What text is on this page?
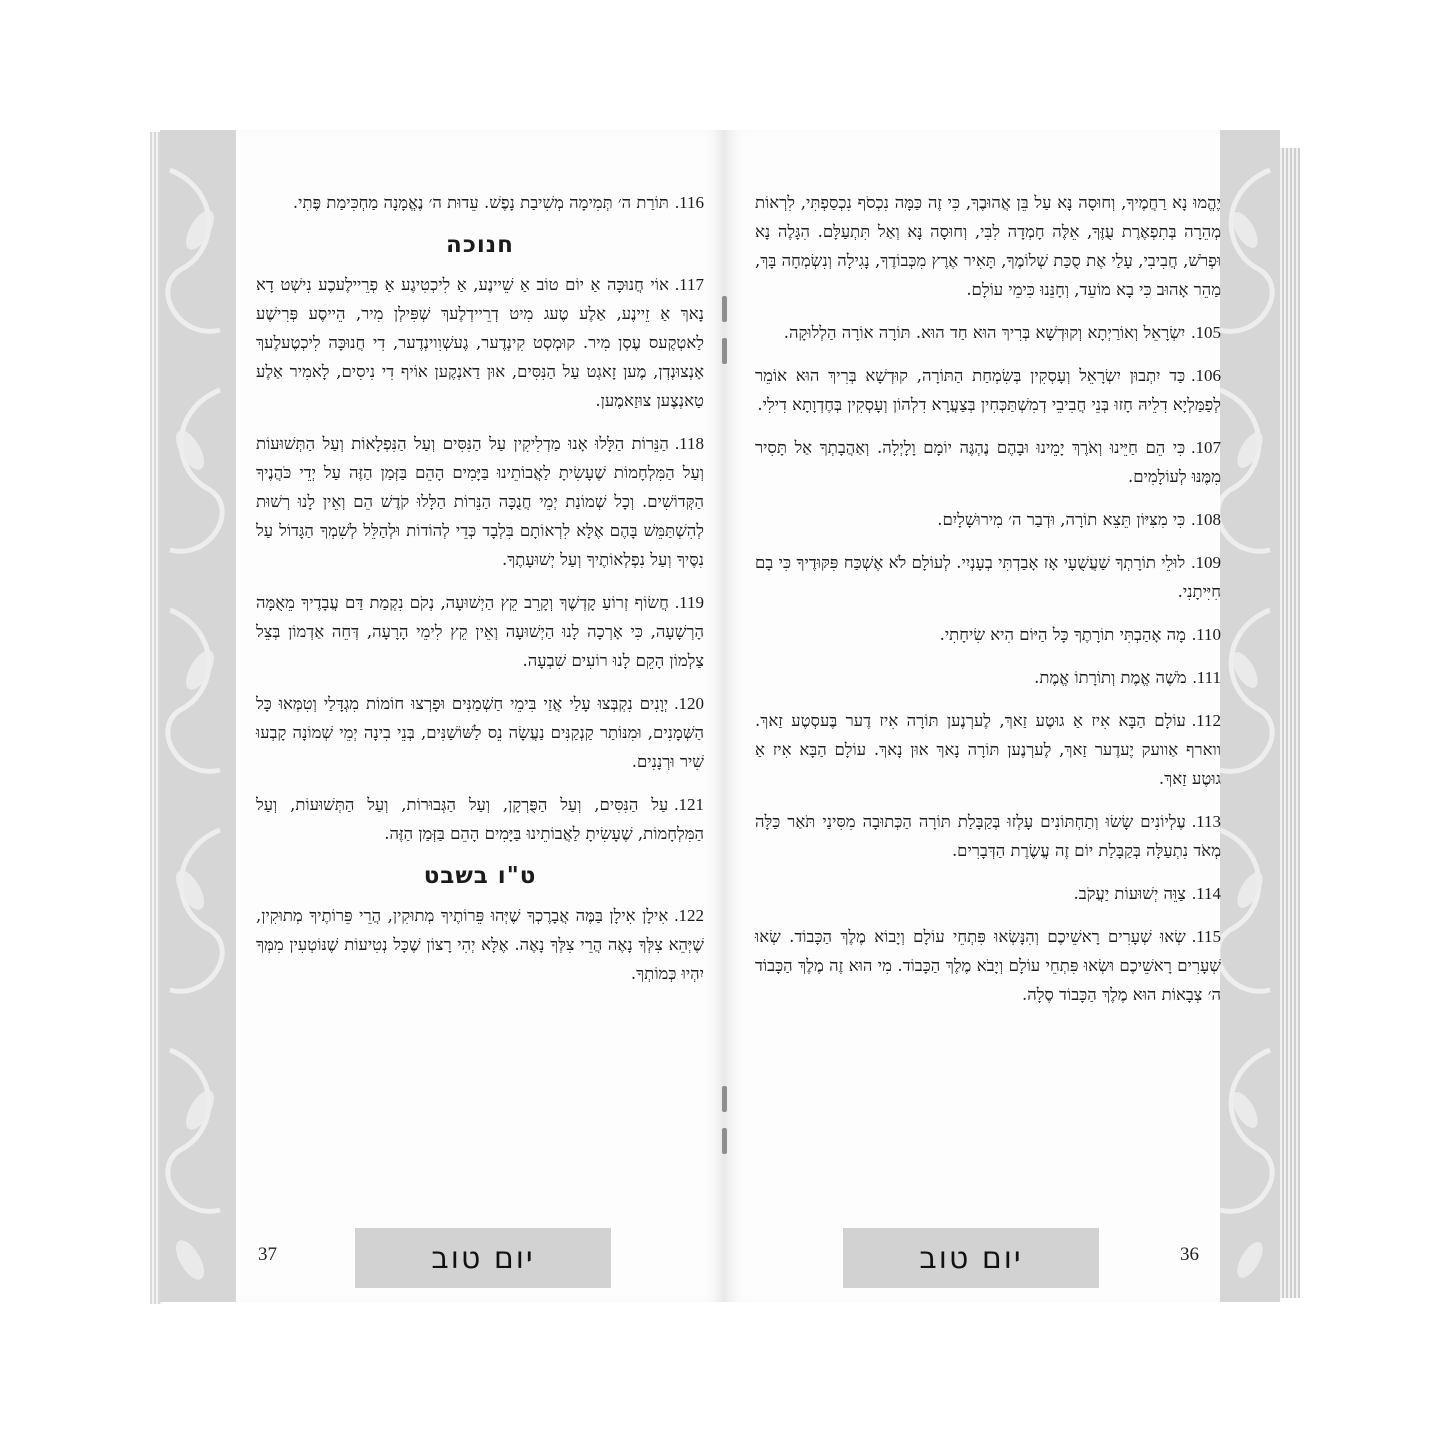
116.תּוֹרַת ה׳ תְּמִימָה מְשִׁיבַת נָפֶשׁ. עֵדוּת ה׳ נֶאֱמָנָה מַחְכִּימַת פֶּתִי.

חנוכה

117.אוֹי חֲנוּכָּה אַ יוֹם טוֹב אַ שֵׁיינֶע, אַ לִיכְטִיגֶע אַ פְרֵיילֶעכֶע נִישְׁט דָא נָאךְ אַ זֵיינֶע, אַלֶע טֶעג מִיט דְרֵיידְלֶעךְ שְׁפִּילְן מִיר, הֵייסֶע פְּרִישֶׁע לַאטְקֶעס עֶסְן מִיר. קוּמְסְט קִינְדֶער, גֶעשְׁוִוינְדֶער, דִי חֲנוּכָּה לִיכְטֶעלֶעךְ אָנְצוּנְדְן, מֶען זָאגְט עַל הַנִּסִּים, אוּן דַאנְקֶען אוֹיף דִי נִיסִים, לָאמִיר אַלֶע טַאנְצֶען צוּזַאמֶען.

118.הַנֵּרוֹת הַלָּלוּ אָנוּ מַדְלִיקִין עַל הַנִּסִּים וְעַל הַנִּפְלָאוֹת וְעַל הַתְּשׁוּעוֹת וְעַל הַמִּלְחָמוֹת שֶׁעָשִׂיתָ לַאֲבוֹתֵינוּ בַּיָּמִים הָהֵם בַּזְּמַן הַזֶּה עַל יְדֵי כֹּהֲנֶיךָ הַקְּדוֹשִׁים. וְכָל שְׁמוֹנַת יְמֵי חֲנֻכָּה הַנֵּרוֹת הַלָּלוּ קֹדֶשׁ הֵם וְאֵין לָנוּ רְשׁוּת לְהִשְׁתַּמֵּשׁ בָּהֶם אֶלָּא לִרְאוֹתָם בִּלְבָד כְּדֵי לְהוֹדוֹת וּלְהַלֵּל לְשִׁמְךָ הַגָּדוֹל עַל נִסֶּיךָ וְעַל נִפְלְאוֹתֶיךָ וְעַל יְשׁוּעָתֶךָ.

119.חֲשׂוֹף זְרוֹעַ קָדְשֶׁךָ וְקָרֵב קֵץ הַיְשׁוּעָה, נְקֹם נִקְמַת דַּם עֲבָדֶיךָ מֵאֻמָּה הָרְשָׁעָה, כִּי אָרְכָה לָנוּ הַיְשׁוּעָה וְאֵין קֵץ לִימֵי הָרָעָה, דְּחֵה אַדְמוֹן בְּצֵל צַלְמוֹן הָקֵם לָנוּ רוֹעִים שִׁבְעָה.

120.יְוָנִים נִקְבְּצוּ עָלַי אֲזַי בִּימֵי חַשְׁמַנִּים וּפָרְצוּ חוֹמוֹת מִגְדָּלַי וְטִמְּאוּ כָּל הַשְּׁמָנִים, וּמִנּוֹתַר קַנְקַנִּים נַעֲשָׂה נֵס לַשּׁוֹשַׁנִּים, בְּנֵי בִינָה יְמֵי שְׁמוֹנָה קָבְעוּ שִׁיר וּרְנָנִים.

121.עַל הַנִּסִּים, וְעַל הַפֻּרְקָן, וְעַל הַגְּבוּרוֹת, וְעַל הַתְּשׁוּעוֹת, וְעַל הַמִּלְחָמוֹת, שֶׁעָשִׂיתָ לַאֲבוֹתֵינוּ בַּיָּמִים הָהֵם בַּזְּמַן הַזֶּה.

ט"ו בשבט

122.אִילָן אִילָן בַּמֶּה אֲבָרֶכְךָ שֶׁיְּהוּ פֵּרוֹתֶיךָ מְתוּקִין, הֲרֵי פֵּרוֹתֶיךָ מְתוּקִין, שֶׁיְּהֵא צִלְּךָ נָאֶה הֲרֵי צִלְּךָ נָאֶה. אֶלָּא יְהִי רָצוֹן שֶׁכָּל נְטִיעוֹת שֶׁנּוֹטְעִין מִמְּךָ יִהְיוּ כְּמוֹתְךָ.

יום טוב
37

יֶהֱמוּ נָא רַחֲמֶיךָ, וְחוּסָה נָּא עַל בֵּן אֲהוּבֶךָ, כִּי זֶה כַּמָּה נִכְסֹף נִכְסַפְתִּי, לִרְאוֹת מְהֵרָה בְּתִפְאֶרֶת עֻזֶּךָ, אֵלֶּה חָמְדָה לִבִּי, וְחוּסָה נָּא וְאַל תִּתְעַלָּם. הִגָּלֶה נָא וּפְרֹשׁ, חֲבִיבִי, עָלַי אֶת סֻכַּת שְׁלוֹמֶךָ, תָּאִיר אֶרֶץ מִכְּבוֹדֶךָ, נָגִילָה וְנִשְׂמְחָה בָּךְ, מַהֵר אָהוּב כִּי בָא מוֹעֵד, וְחָנֵּנוּ כִּימֵי עוֹלָם.

105.יִשְׂרָאֵל וְאוֹרַיְתָא וְקוּדְשָׁא בְּרִיךְ הוּא חַד הוּא. תּוֹרָה אוֹרָה הַלְלוּקָה.

106.כַּד יִתְבוּן יִשְׂרָאֵל וְעָסְקִין בְּשִׂמְחַת הַתּוֹרָה, קוּדְשָׁא בְּרִיךְ הוּא אוֹמֵר לְפַמַּלְיָא דִלֵיהּ חָזוּ בְּנֵי חֲבִיבֵי דְמִשְׁתַּכְּחִין בְּצַעֲרָא דִלְהוֹן וְעָסְקִין בְּחֶדְוָתָא דִילִי.

107.כִּי הֵם חַיֵּינוּ וְאֹרֶךְ יָמֵינוּ וּבָהֶם נֶהְגֶּה יוֹמָם וָלָיְלָה. וְאַהֲבָתְךָ אַל תָּסִיר מִמֶּנּוּ לְעוֹלָמִים.

108.כִּי מִצִּיּוֹן תֵּצֵא תוֹרָה, וּדְבַר ה׳ מִירוּשָׁלָיִם.

109.לוּלֵי תוֹרָתְךָ שַׁעֲשֻׁעָי אָז אָבַדְתִּי בְעָנְיִי. לְעוֹלָם לֹא אֶשְׁכַּח פִּקּוּדֶיךָ כִּי בָם חִיִּיתָנִי.

110.מָה אָהַבְתִּי תוֹרָתֶךָ כָּל הַיּוֹם הִיא שִׂיחָתִי.

111.מֹשֶׁה אֱמֶת וְתוֹרָתוֹ אֱמֶת.

112.עוֹלָם הַבָּא אִיז אַ גוּטֶע זַאךְ, לֶערְנֶען תּוֹרָה אִיז דֶער בֶּעסְטֶע זַאךְ. ווארף אַוועק יֶעדֶער זַאךְ, לֶערְנֶען תּוֹרָה נָאךְ אוּן נָאךְ. עוֹלָם הַבָּא אִיז אַ גוּטֶע זַאךְ.

113.עֶלְיוֹנִים שָׂשׂוּ וְתַחְתּוֹנִים עָלְזוּ בְּקַבָּלַת תּוֹרָה הַכְּתוּבָה מִסִּינַי תֹּאַר כַּלָּה מְאֹד נִתְעַלָּה בְּקַבָּלַת יוֹם זֶה עֲשֶׂרֶת הַדְּבָרִים.

114.צַוֵּה יְשׁוּעוֹת יַעֲקֹב.

115.שְׂאוּ שְׁעָרִים רָאשֵׁיכֶם וְהִנָּשְׂאוּ פִּתְחֵי עוֹלָם וְיָבוֹא מֶלֶךְ הַכָּבוֹד. שְׂאוּ שְׁעָרִים רָאשֵׁיכֶם וּשְׂאוּ פִּתְחֵי עוֹלָם וְיָבֹא מֶלֶךְ הַכָּבוֹד. מִי הוּא זֶה מֶלֶךְ הַכָּבוֹד ה׳ צְבָאוֹת הוּא מֶלֶךְ הַכָּבוֹד סֶלָה.

יום טוב	36
